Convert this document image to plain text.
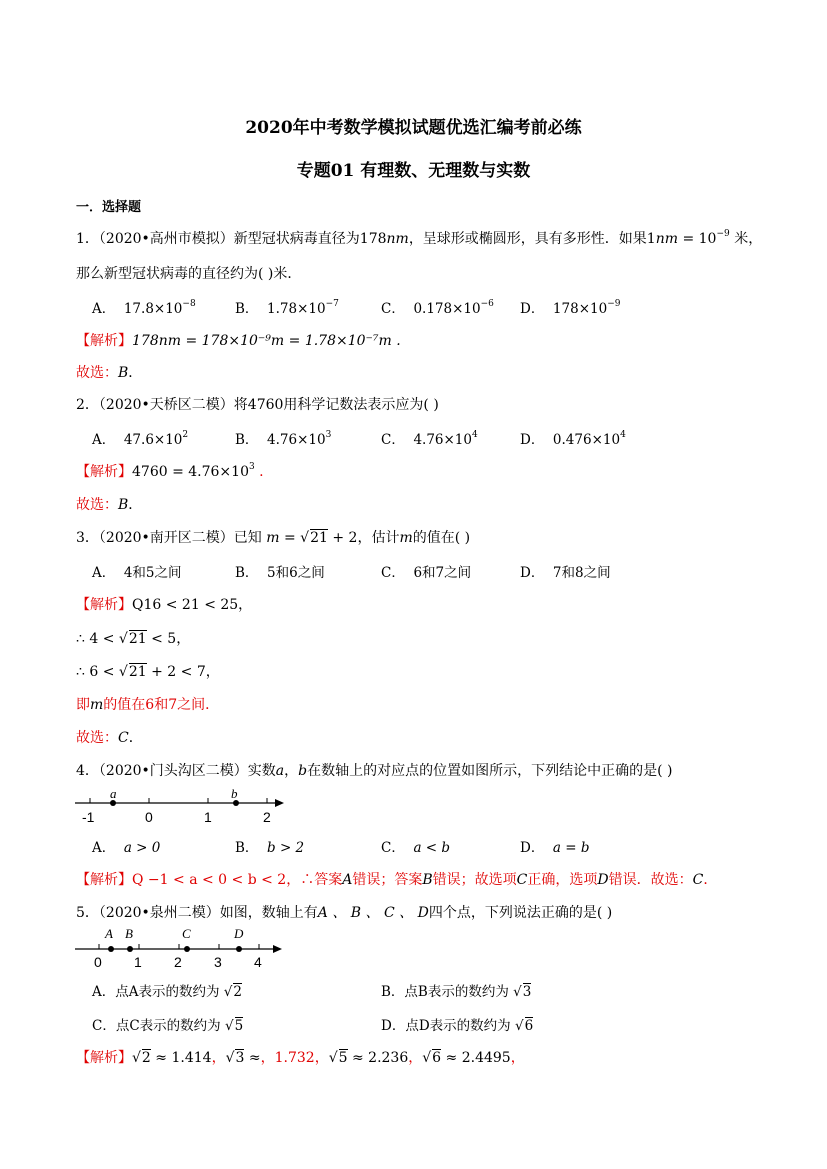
2020年中考数学模拟试题优选汇编考前必练
专题01 有理数、无理数与实数
一．选择题
1．（2020•高州市模拟）新型冠状病毒直径为178nm，呈球形或椭圆形，具有多形性．如果$1nm = 10^{-9}$ 米，
那么新型冠状病毒的直径约为( )米．
A． $17.8\times 10^{-8}$	B． $1.78\times 10^{-7}$	C． $0.178\times 10^{-6}$ D． $178\times 10^{-9}$
【解析】178nm = 178×10⁻⁹m = 1.78×10⁻⁷m .
故选：B．
2．（2020•天桥区二模）将4760用科学记数法表示应为( )
A． $47.6\times 10^2$	B． $4.76\times 10^3$	C． $4.76\times 10^4$	D． $0.476\times 10^4$
【解析】$4760 = 4.76\times 10^3$ .
故选：B．
3．（2020•南开区二模）已知 m = √21 + 2，估计m的值在( )
A． 4和5之间	B． 5和6之间	C． 6和7之间	D． 7和8之间
【解析】Q16 < 21 < 25，
∴ 4 < √21 < 5，
∴ 6 < √21 + 2 < 7，
即m的值在6和7之间．
故选：C．
4．（2020•门头沟区二模）实数a，b在数轴上的对应点的位置如图所示，下列结论中正确的是( )
a	b
-1	0	1	2
A． a > 0	B． b > 2	C． a < b	D． a = b
【解析】Q −1 < a < 0 < b < 2，∴答案A错误；答案B错误；故选项C正确，选项D错误．故选：C．
5．（2020•泉州二模）如图，数轴上有A 、 B 、 C 、 D四个点，下列说法正确的是( )
A B	C	D
0 1 2 3 4
A．点A表示的数约为 √2	B．点B表示的数约为 √3
C．点C表示的数约为 √5	D．点D表示的数约为 √6
【解析】√2 ≈ 1.414，√3 ≈，1.732，√5 ≈ 2.236，√6 ≈ 2.4495，
